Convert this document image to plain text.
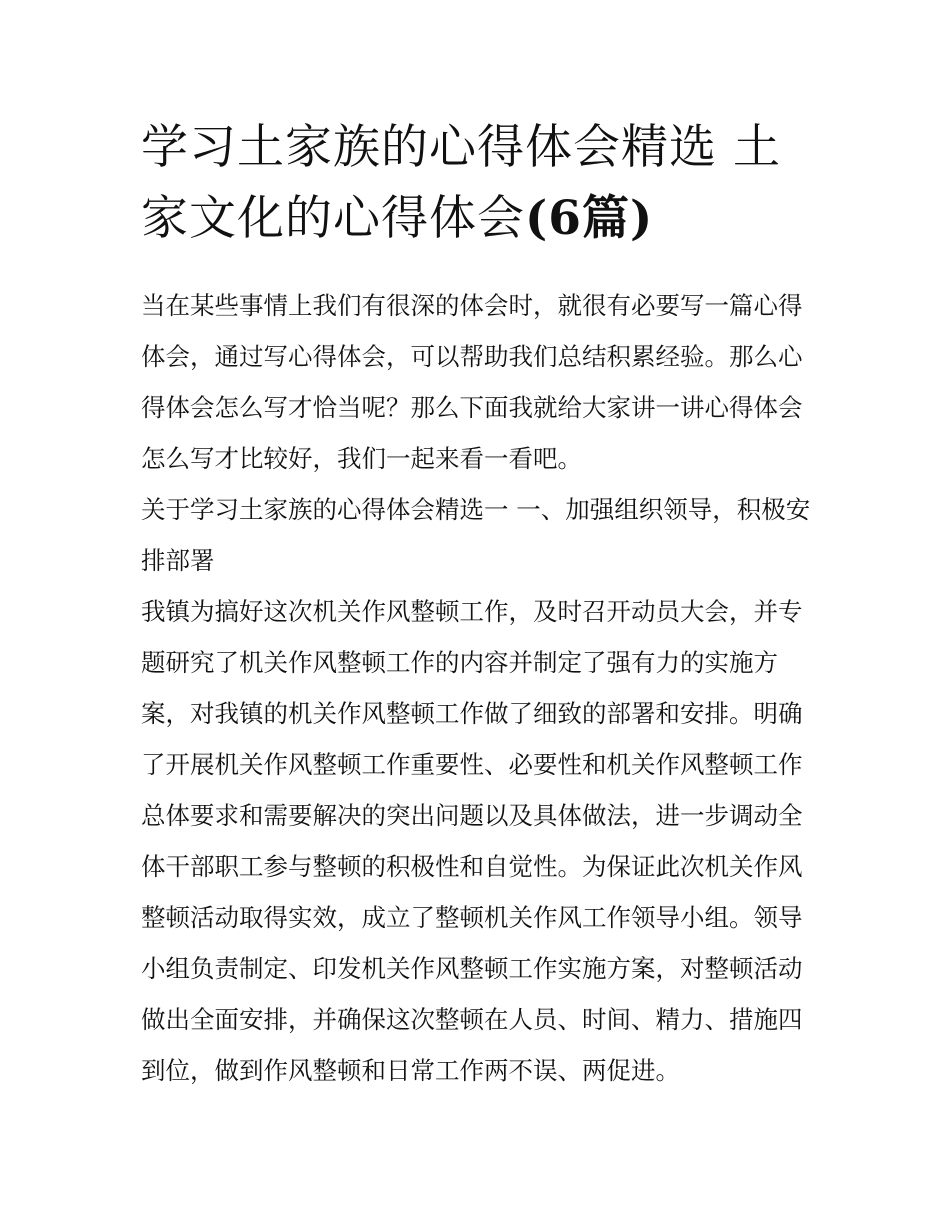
学习土家族的心得体会精选 土家文化的心得体会(6篇)

当在某些事情上我们有很深的体会时，就很有必要写一篇心得体会，通过写心得体会，可以帮助我们总结积累经验。那么心得体会怎么写才恰当呢？那么下面我就给大家讲一讲心得体会怎么写才比较好，我们一起来看一看吧。

关于学习土家族的心得体会精选一 一、加强组织领导，积极安排部署

我镇为搞好这次机关作风整顿工作，及时召开动员大会，并专题研究了机关作风整顿工作的内容并制定了强有力的实施方案，对我镇的机关作风整顿工作做了细致的部署和安排。明确了开展机关作风整顿工作重要性、必要性和机关作风整顿工作总体要求和需要解决的突出问题以及具体做法，进一步调动全体干部职工参与整顿的积极性和自觉性。为保证此次机关作风整顿活动取得实效，成立了整顿机关作风工作领导小组。领导小组负责制定、印发机关作风整顿工作实施方案，对整顿活动做出全面安排，并确保这次整顿在人员、时间、精力、措施四到位，做到作风整顿和日常工作两不误、两促进。
